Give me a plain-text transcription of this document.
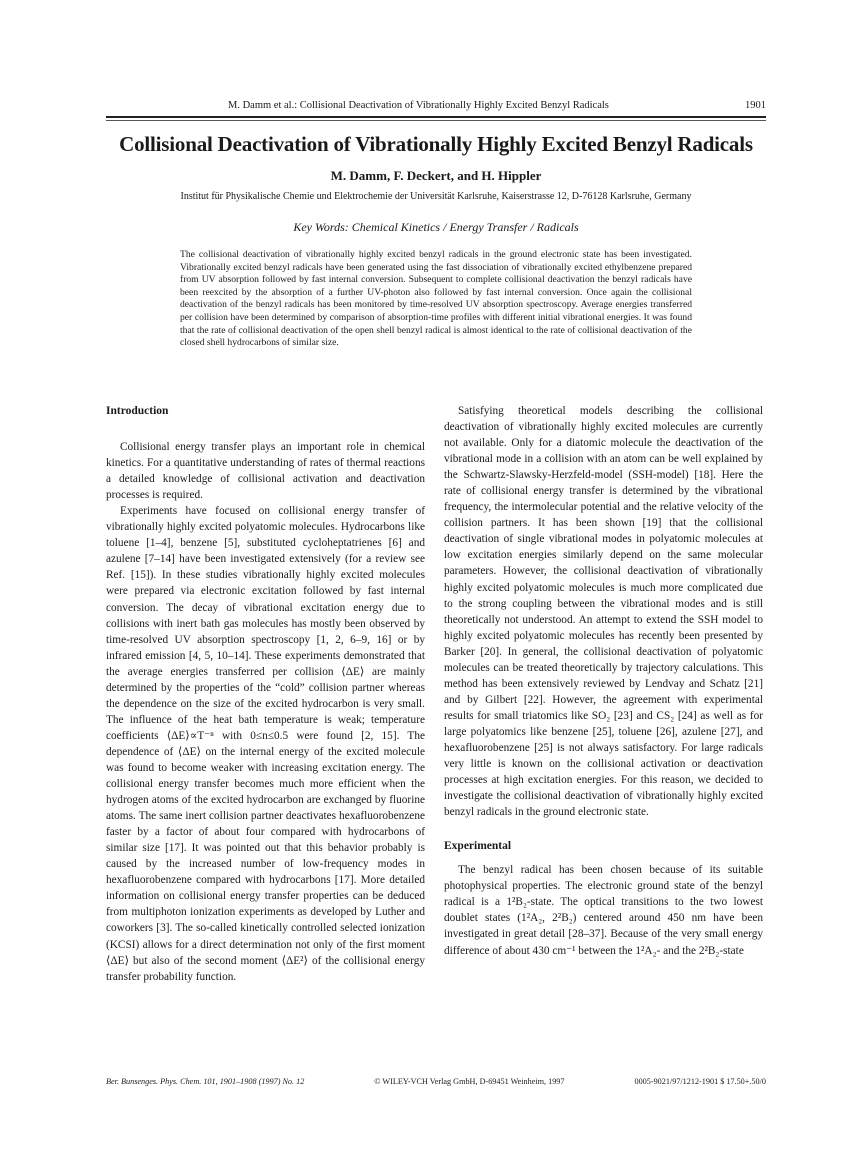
M. Damm et al.: Collisional Deactivation of Vibrationally Highly Excited Benzyl Radicals	1901
Collisional Deactivation of Vibrationally Highly Excited Benzyl Radicals
M. Damm, F. Deckert, and H. Hippler
Institut für Physikalische Chemie und Elektrochemie der Universität Karlsruhe, Kaiserstrasse 12, D-76128 Karlsruhe, Germany
Key Words: Chemical Kinetics / Energy Transfer / Radicals
The collisional deactivation of vibrationally highly excited benzyl radicals in the ground electronic state has been investigated. Vibrationally excited benzyl radicals have been generated using the fast dissociation of vibrationally excited ethylbenzene prepared from UV absorption followed by fast internal conversion. Subsequent to complete collisional deactivation the benzyl radicals have been reexcited by the absorption of a further UV-photon also followed by fast internal conversion. Once again the collisional deactivation of the benzyl radicals has been monitored by time-resolved UV absorption spectroscopy. Average energies transferred per collision have been determined by comparison of absorption-time profiles with different initial vibrational energies. It was found that the rate of collisional deactivation of the open shell benzyl radical is almost identical to the rate of collisional deactivation of the closed shell hydrocarbons of similar size.

Introduction

Collisional energy transfer plays an important role in chemical kinetics. For a quantitative understanding of rates of thermal reactions a detailed knowledge of collisional activation and deactivation processes is required.

Experiments have focused on collisional energy transfer of vibrationally highly excited polyatomic molecules. Hydrocarbons like toluene [1–4], benzene [5], substituted cycloheptatrienes [6] and azulene [7–14] have been investigated extensively (for a review see Ref. [15]). In these studies vibrationally highly excited molecules were prepared via electronic excitation followed by fast internal conversion. The decay of vibrational excitation energy due to collisions with inert bath gas molecules has mostly been observed by time-resolved UV absorption spectroscopy [1, 2, 6–9, 16] or by infrared emission [4, 5, 10–14]. These experiments demonstrated that the average energies transferred per collision ⟨ΔE⟩ are mainly determined by the properties of the “cold” collision partner whereas the dependence on the size of the excited hydrocarbon is very small. The influence of the heat bath temperature is weak; temperature coefficients ⟨ΔE⟩∝T⁻ⁿ with 0≤n≤0.5 were found [2, 15]. The dependence of ⟨ΔE⟩ on the internal energy of the excited molecule was found to become weaker with increasing excitation energy. The collisional energy transfer becomes much more efficient when the hydrogen atoms of the excited hydrocarbon are exchanged by fluorine atoms. The same inert collision partner deactivates hexafluorobenzene faster by a factor of about four compared with hydrocarbons of similar size [17]. It was pointed out that this behavior probably is caused by the increased number of low-frequency modes in hexafluorobenzene compared with hydrocarbons [17]. More detailed information on collisional energy transfer properties can be deduced from multiphoton ionization experiments as developed by Luther and coworkers [3]. The so-called kinetically controlled selected ionization (KCSI) allows for a direct determination not only of the first moment ⟨ΔE⟩ but also of the second moment ⟨ΔE²⟩ of the collisional energy transfer probability function.

Satisfying theoretical models describing the collisional deactivation of vibrationally highly excited molecules are currently not available. Only for a diatomic molecule the deactivation of the vibrational mode in a collision with an atom can be well explained by the Schwartz-Slawsky-Herzfeld-model (SSH-model) [18]. Here the rate of collisional energy transfer is determined by the vibrational frequency, the intermolecular potential and the relative velocity of the collision partners. It has been shown [19] that the collisional deactivation of single vibrational modes in polyatomic molecules at low excitation energies similarly depend on the same molecular parameters. However, the collisional deactivation of vibrationally highly excited polyatomic molecules is much more complicated due to the strong coupling between the vibrational modes and is still theoretically not understood. An attempt to extend the SSH model to highly excited polyatomic molecules has recently been presented by Barker [20]. In general, the collisional deactivation of polyatomic molecules can be treated theoretically by trajectory calculations. This method has been extensively reviewed by Lendvay and Schatz [21] and by Gilbert [22]. However, the agreement with experimental results for small triatomics like SO₂ [23] and CS₂ [24] as well as for large polyatomics like benzene [25], toluene [26], azulene [27], and hexafluorobenzene [25] is not always satisfactory. For large radicals very little is known on the collisional activation or deactivation processes at high excitation energies. For this reason, we decided to investigate the collisional deactivation of vibrationally highly excited benzyl radicals in the ground electronic state.

Experimental

The benzyl radical has been chosen because of its suitable photophysical properties. The electronic ground state of the benzyl radical is a 1²B₂-state. The optical transitions to the two lowest doublet states (1²A₂, 2²B₂) centered around 450 nm have been investigated in great detail [28–37]. Because of the very small energy difference of about 430 cm⁻¹ between the 1²A₂- and the 2²B₂-state

Ber. Bunsenges. Phys. Chem. 101, 1901–1908 (1997) No. 12	© WILEY-VCH Verlag GmbH, D-69451 Weinheim, 1997	0005-9021/97/1212-1901 $ 17.50+.50/0
